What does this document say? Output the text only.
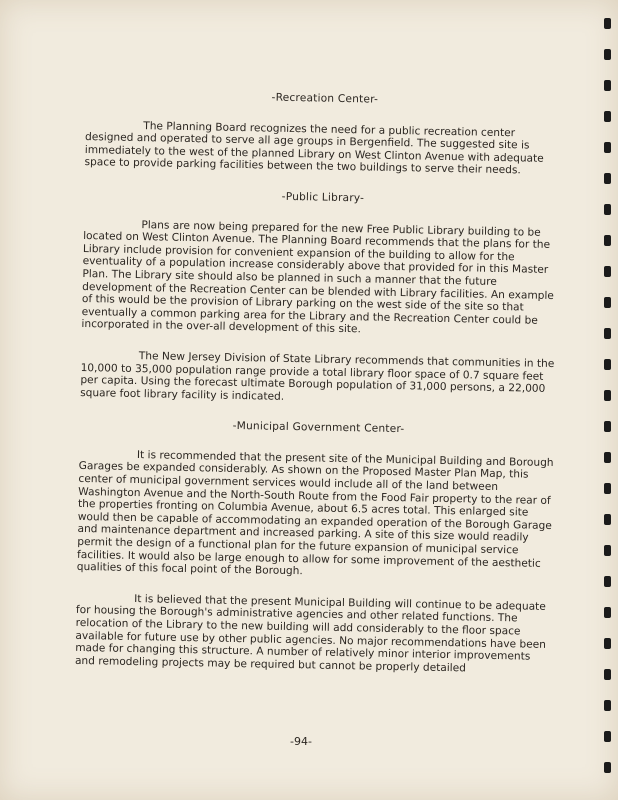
-Recreation Center-

The Planning Board recognizes the need for a public recreation center designed and operated to serve all age groups in Bergenfield. The suggested site is immediately to the west of the planned Library on West Clinton Avenue with adequate space to provide parking facilities between the two buildings to serve their needs.

-Public Library-

Plans are now being prepared for the new Free Public Library building to be located on West Clinton Avenue. The Planning Board recommends that the plans for the Library include provision for convenient expansion of the building to allow for the eventuality of a population increase considerably above that provided for in this Master Plan. The Library site should also be planned in such a manner that the future development of the Recreation Center can be blended with Library facilities. An example of this would be the provision of Library parking on the west side of the site so that eventually a common parking area for the Library and the Recreation Center could be incorporated in the over-all development of this site.

The New Jersey Division of State Library recommends that communities in the 10,000 to 35,000 population range provide a total library floor space of 0.7 square feet per capita. Using the forecast ultimate Borough population of 31,000 persons, a 22,000 square foot library facility is indicated.

-Municipal Government Center-

It is recommended that the present site of the Municipal Building and Borough Garages be expanded considerably. As shown on the Proposed Master Plan Map, this center of municipal government services would include all of the land between Washington Avenue and the North-South Route from the Food Fair property to the rear of the properties fronting on Columbia Avenue, about 6.5 acres total. This enlarged site would then be capable of accommodating an expanded operation of the Borough Garage and maintenance department and increased parking. A site of this size would readily permit the design of a functional plan for the future expansion of municipal service facilities. It would also be large enough to allow for some improvement of the aesthetic qualities of this focal point of the Borough.

It is believed that the present Municipal Building will continue to be adequate for housing the Borough's administrative agencies and other related functions. The relocation of the Library to the new building will add considerably to the floor space available for future use by other public agencies. No major recommendations have been made for changing this structure. A number of relatively minor interior improvements and remodeling projects may be required but cannot be properly detailed

-94-
